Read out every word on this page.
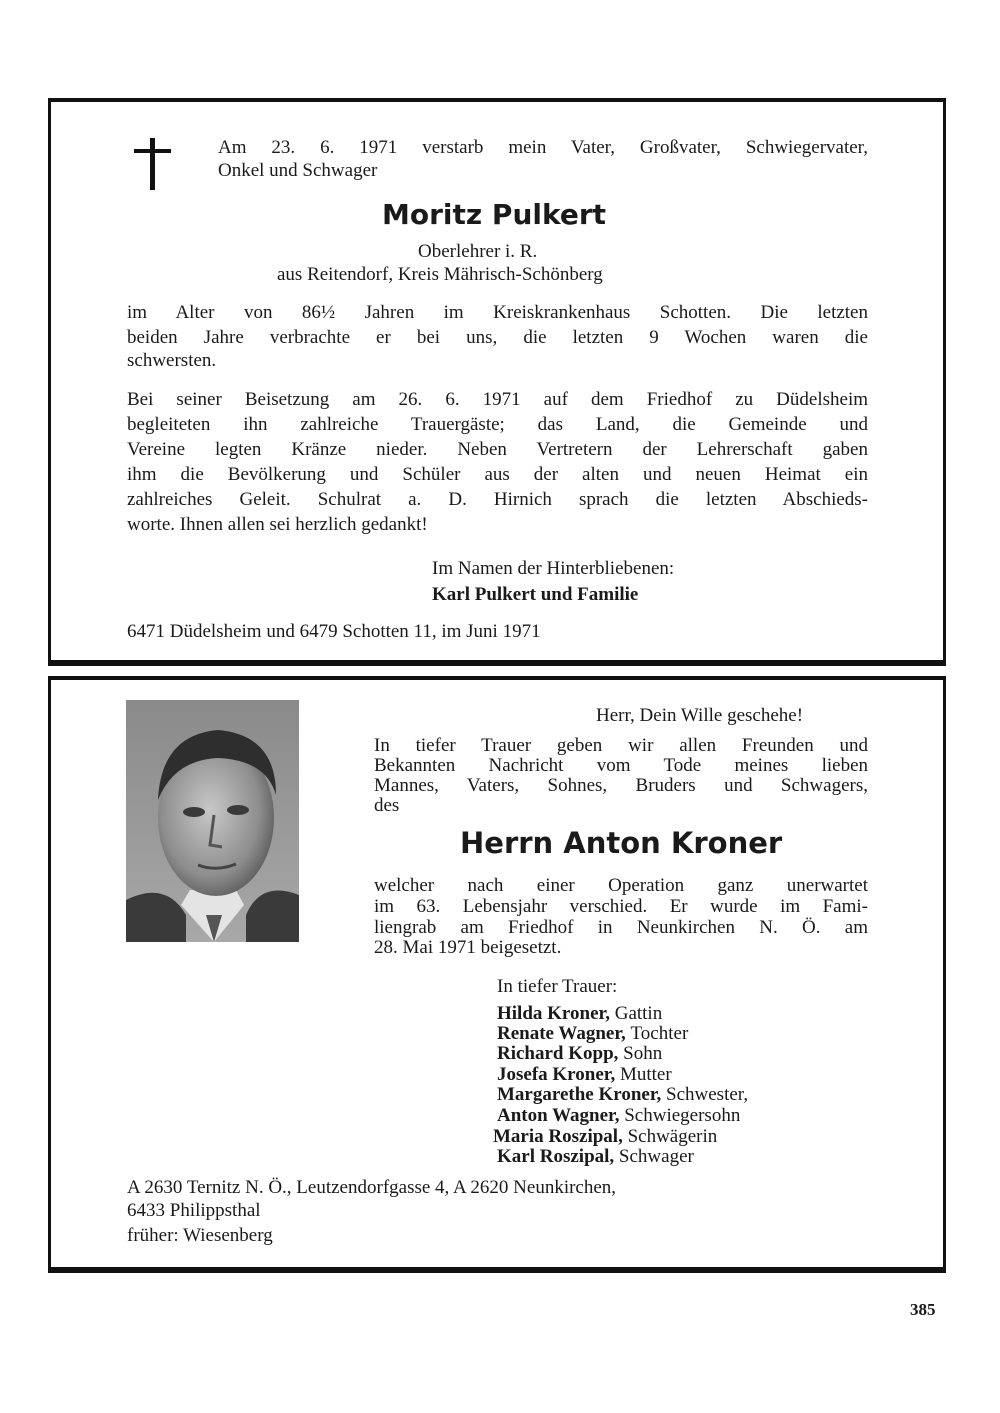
Am 23. 6. 1971 verstarb mein Vater, Großvater, Schwiegervater,
Onkel und Schwager
Moritz Pulkert
Oberlehrer i. R.
aus Reitendorf, Kreis Mährisch-Schönberg
im Alter von 86½ Jahren im Kreiskrankenhaus Schotten. Die letzten
beiden Jahre verbrachte er bei uns, die letzten 9 Wochen waren die
schwersten.
Bei seiner Beisetzung am 26. 6. 1971 auf dem Friedhof zu Düdelsheim
begleiteten ihn zahlreiche Trauergäste; das Land, die Gemeinde und
Vereine legten Kränze nieder. Neben Vertretern der Lehrerschaft gaben
ihm die Bevölkerung und Schüler aus der alten und neuen Heimat ein
zahlreiches Geleit. Schulrat a. D. Hirnich sprach die letzten Abschieds-
worte. Ihnen allen sei herzlich gedankt!
Im Namen der Hinterbliebenen:
Karl Pulkert und Familie
6471 Düdelsheim und 6479 Schotten 11, im Juni 1971
Herr, Dein Wille geschehe!
In tiefer Trauer geben wir allen Freunden und
Bekannten Nachricht vom Tode meines lieben
Mannes, Vaters, Sohnes, Bruders und Schwagers,
des
Herrn Anton Kroner
welcher nach einer Operation ganz unerwartet
im 63. Lebensjahr verschied. Er wurde im Fami-
liengrab am Friedhof in Neunkirchen N. Ö. am
28. Mai 1971 beigesetzt.
In tiefer Trauer:
Hilda Kroner, Gattin
Renate Wagner, Tochter
Richard Kopp, Sohn
Josefa Kroner, Mutter
Margarethe Kroner, Schwester,
Anton Wagner, Schwiegersohn
Maria Roszipal, Schwägerin
Karl Roszipal, Schwager
A 2630 Ternitz N. Ö., Leutzendorfgasse 4, A 2620 Neunkirchen,
6433 Philippsthal
früher: Wiesenberg
385
